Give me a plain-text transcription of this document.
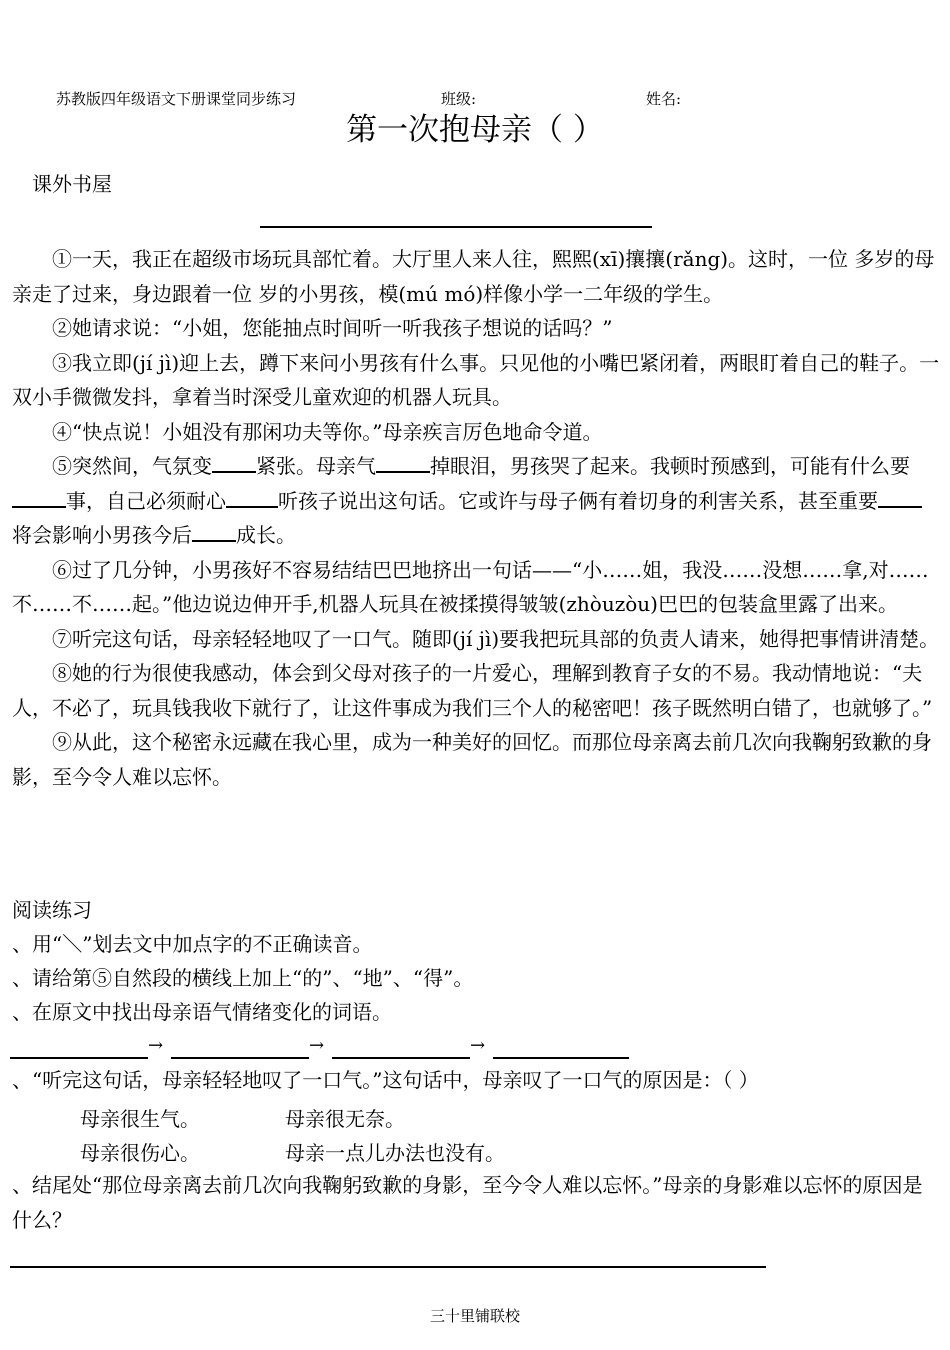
苏教版四年级语文下册课堂同步练习	班级:	姓名:
第一次抱母亲（ ）
课外书屋

①一天，我正在超级市场玩具部忙着。大厅里人来人往，熙熙(xī)攘攘(rǎng)。这时，一位 多岁的母亲走了过来，身边跟着一位 岁的小男孩，模(mú mó)样像小学一二年级的学生。

②她请求说：“小姐，您能抽点时间听一听我孩子想说的话吗？”

③我立即(jí jì)迎上去，蹲下来问小男孩有什么事。只见他的小嘴巴紧闭着，两眼盯着自己的鞋子。一双小手微微发抖，拿着当时深受儿童欢迎的机器人玩具。

④“快点说！小姐没有那闲功夫等你。”母亲疾言厉色地命令道。

⑤突然间，气氛变 紧张。母亲气	掉眼泪，男孩哭了起来。我顿时预感到，可能有什么要事，自己必须耐心	听孩子说出这句话。它或许与母子俩有着切身的利害关系，甚至重要将会影响小男孩今后 成长。

⑥过了几分钟，小男孩好不容易结结巴巴地挤出一句话——“小……姐，我没……没想……拿,对……不……不……起。”他边说边伸开手,机器人玩具在被揉摸得皱皱(zhòuzòu)巴巴的包装盒里露了出来。

⑦听完这句话，母亲轻轻地叹了一口气。随即(jí jì)要我把玩具部的负责人请来，她得把事情讲清楚。

⑧她的行为很使我感动，体会到父母对孩子的一片爱心，理解到教育子女的不易。我动情地说：“夫人，不必了，玩具钱我收下就行了，让这件事成为我们三个人的秘密吧！孩子既然明白错了，也就够了。”

⑨从此，这个秘密永远藏在我心里，成为一种美好的回忆。而那位母亲离去前几次向我鞠躬致歉的身影，至今令人难以忘怀。

阅读练习
、用“＼”划去文中加点字的不正确读音。
、请给第⑤自然段的横线上加上“的”、“地”、“得”。
、在原文中找出母亲语气情绪变化的词语。
→	→	→
、“听完这句话，母亲轻轻地叹了一口气。”这句话中，母亲叹了一口气的原因是：（ ）
母亲很生气。	母亲很无奈。
母亲很伤心。	母亲一点儿办法也没有。
、结尾处“那位母亲离去前几次向我鞠躬致歉的身影，至今令人难以忘怀。”母亲的身影难以忘怀的原因是什么？
三十里铺联校
